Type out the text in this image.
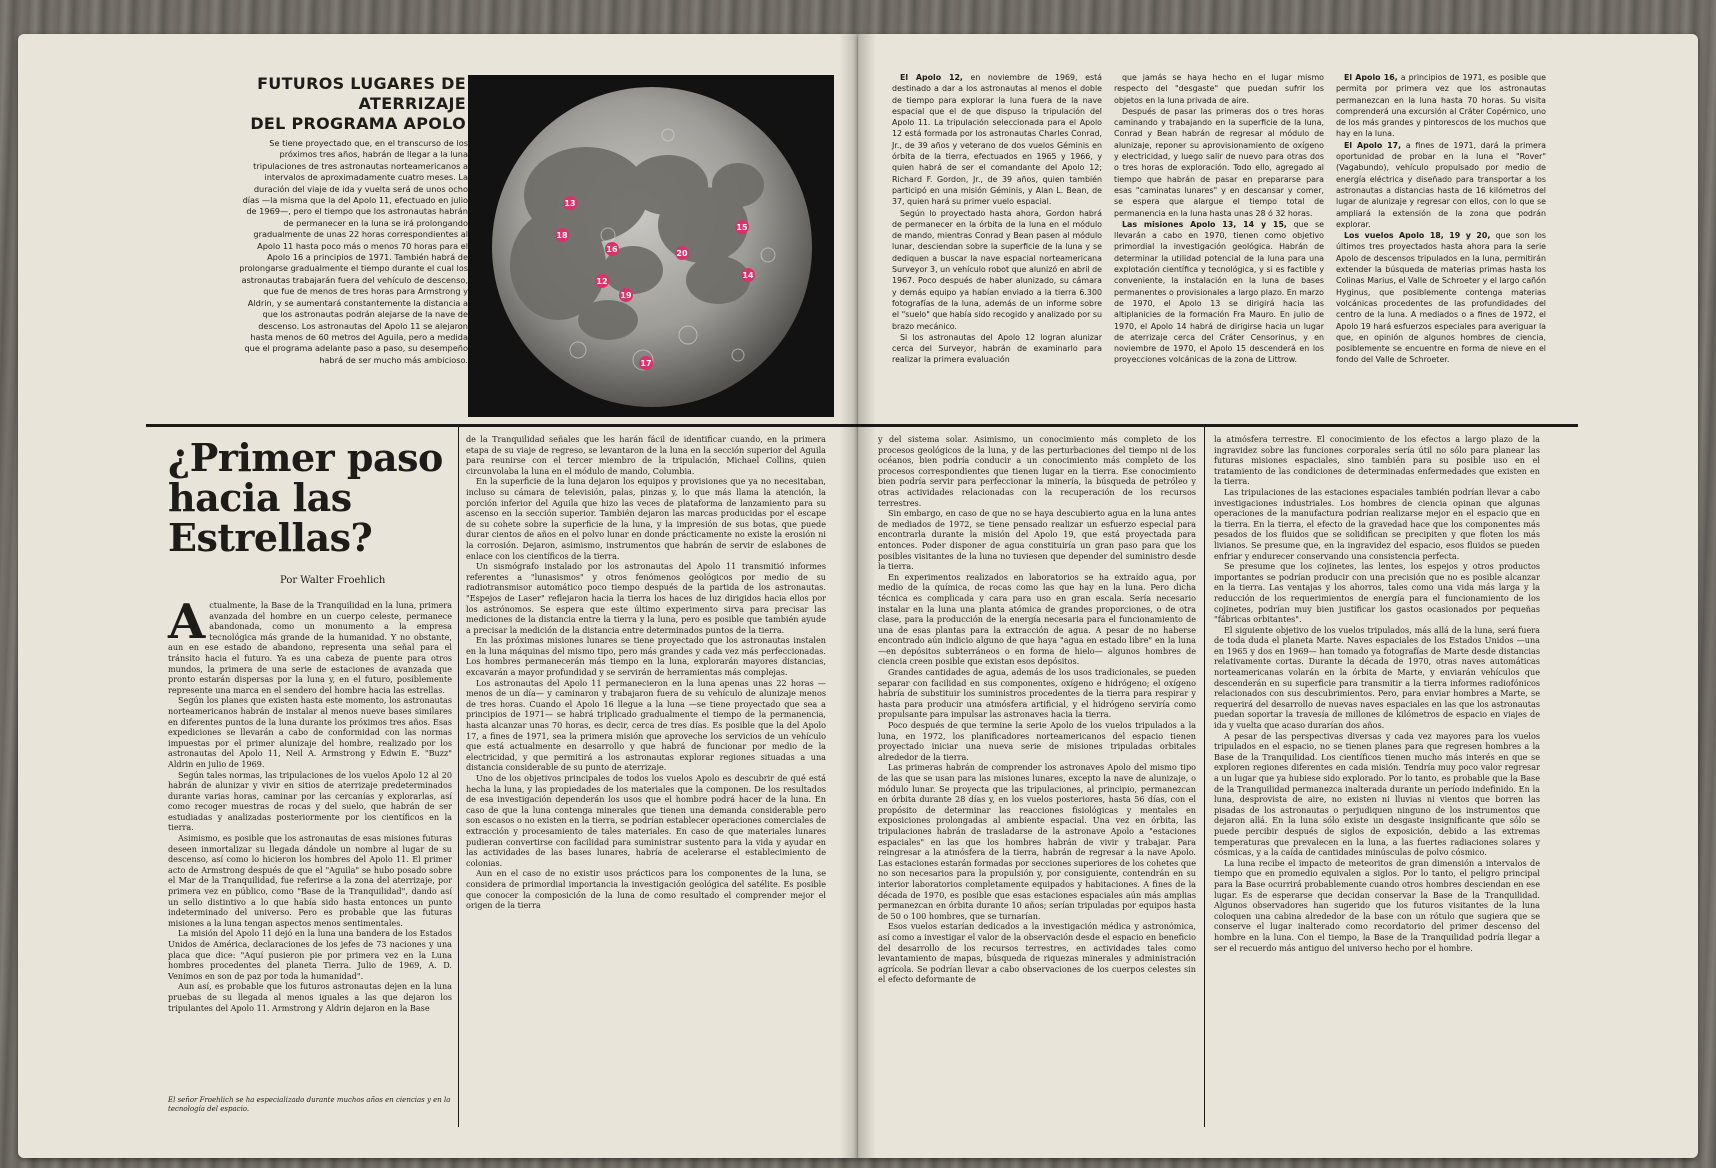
FUTUROS LUGARES DE ATERRIZAJE
DEL PROGRAMA APOLO
Se tiene proyectado que, en el transcurso de los próximos tres años, habrán de llegar a la luna tripulaciones de tres astronautas norteamericanos a intervalos de aproximadamente cuatro meses. La duración del viaje de ida y vuelta será de unos ocho días —la misma que la del Apolo 11, efectuado en julio de 1969—, pero el tiempo que los astronautas habrán de permanecer en la luna se irá prolongando gradualmente de unas 22 horas correspondientes al Apolo 11 hasta poco más o menos 70 horas para el Apolo 16 a principios de 1971. También habrá de prolongarse gradualmente el tiempo durante el cual los astronautas trabajarán fuera del vehículo de descenso, que fue de menos de tres horas para Armstrong y Aldrin, y se aumentará constantemente la distancia a que los astronautas podrán alejarse de la nave de descenso. Los astronautas del Apolo 11 se alejaron hasta menos de 60 metros del Aguila, pero a medida que el programa adelante paso a paso, su desempeño habrá de ser mucho más ambicioso.
13
18
16
12
15
20
14
19
17
¿Primer paso
hacia las
Estrellas?
Por Walter Froehlich

Actualmente, la Base de la Tranquilidad en la luna, primera avanzada del hombre en un cuerpo celeste, permanece abandonada, como un monumento a la empresa tecnológica más grande de la humanidad. Y no obstante, aun en ese estado de abandono, representa una señal para el tránsito hacia el futuro. Ya es una cabeza de puente para otros mundos, la primera de una serie de estaciones de avanzada que pronto estarán dispersas por la luna y, en el futuro, posiblemente represente una marca en el sendero del hombre hacia las estrellas.

Según los planes que existen hasta este momento, los astronautas norteamericanos habrán de instalar al menos nueve bases similares en diferentes puntos de la luna durante los próximos tres años. Esas expediciones se llevarán a cabo de conformidad con las normas impuestas por el primer alunizaje del hombre, realizado por los astronautas del Apolo 11, Neil A. Armstrong y Edwin E. "Buzz" Aldrin en julio de 1969.

Según tales normas, las tripulaciones de los vuelos Apolo 12 al 20 habrán de alunizar y vivir en sitios de aterrizaje predeterminados durante varias horas, caminar por las cercanías y explorarlas, así como recoger muestras de rocas y del suelo, que habrán de ser estudiadas y analizadas posteriormente por los científicos en la tierra.

Asimismo, es posible que los astronautas de esas misiones futuras deseen inmortalizar su llegada dándole un nombre al lugar de su descenso, así como lo hicieron los hombres del Apolo 11. El primer acto de Armstrong después de que el "Aguila" se hubo posado sobre el Mar de la Tranquilidad, fue referirse a la zona del aterrizaje, por primera vez en público, como "Base de la Tranquilidad", dando así un sello distintivo a lo que había sido hasta entonces un punto indeterminado del universo. Pero es probable que las futuras misiones a la luna tengan aspectos menos sentimentales.

La misión del Apolo 11 dejó en la luna una bandera de los Estados Unidos de América, declaraciones de los jefes de 73 naciones y una placa que dice: "Aquí pusieron pie por primera vez en la Luna hombres procedentes del planeta Tierra. Julio de 1969, A. D. Venimos en son de paz por toda la humanidad".

Aun así, es probable que los futuros astronautas dejen en la luna pruebas de su llegada al menos iguales a las que dejaron los tripulantes del Apolo 11. Armstrong y Aldrin dejaron en la Base

El señor Froehlich se ha especializado durante muchos años en ciencias y en la tecnología del espacio.

de la Tranquilidad señales que les harán fácil de identificar cuando, en la primera etapa de su viaje de regreso, se levantaron de la luna en la sección superior del Aguila para reunirse con el tercer miembro de la tripulación, Michael Collins, quien circunvolaba la luna en el módulo de mando, Columbia.

En la superficie de la luna dejaron los equipos y provisiones que ya no necesitaban, incluso su cámara de televisión, palas, pinzas y, lo que más llama la atención, la porción inferior del Aguila que hizo las veces de plataforma de lanzamiento para su ascenso en la sección superior. También dejaron las marcas producidas por el escape de su cohete sobre la superficie de la luna, y la impresión de sus botas, que puede durar cientos de años en el polvo lunar en donde prácticamente no existe la erosión ni la corrosión. Dejaron, asimismo, instrumentos que habrán de servir de eslabones de enlace con los científicos de la tierra.

Un sismógrafo instalado por los astronautas del Apolo 11 transmitió informes referentes a "lunasismos" y otros fenómenos geológicos por medio de su radiotransmisor automático poco tiempo después de la partida de los astronautas. "Espejos de Laser" reflejaron hacia la tierra los haces de luz dirigidos hacia ellos por los astrónomos. Se espera que este último experimento sirva para precisar las mediciones de la distancia entre la tierra y la luna, pero es posible que también ayude a precisar la medición de la distancia entre determinados puntos de la tierra.

En las próximas misiones lunares se tiene proyectado que los astronautas instalen en la luna máquinas del mismo tipo, pero más grandes y cada vez más perfeccionadas. Los hombres permanecerán más tiempo en la luna, explorarán mayores distancias, excavarán a mayor profundidad y se servirán de herramientas más complejas.

Los astronautas del Apolo 11 permanecieron en la luna apenas unas 22 horas —menos de un día— y caminaron y trabajaron fuera de su vehículo de alunizaje menos de tres horas. Cuando el Apolo 16 llegue a la luna —se tiene proyectado que sea a principios de 1971— se habrá triplicado gradualmente el tiempo de la permanencia, hasta alcanzar unas 70 horas, es decir, cerca de tres días. Es posible que la del Apolo 17, a fines de 1971, sea la primera misión que aproveche los servicios de un vehículo que está actualmente en desarrollo y que habrá de funcionar por medio de la electricidad, y que permitirá a los astronautas explorar regiones situadas a una distancia considerable de su punto de aterrizaje.

Uno de los objetivos principales de todos los vuelos Apolo es descubrir de qué está hecha la luna, y las propiedades de los materiales que la componen. De los resultados de esa investigación dependerán los usos que el hombre podrá hacer de la luna. En caso de que la luna contenga minerales que tienen una demanda considerable pero son escasos o no existen en la tierra, se podrían establecer operaciones comerciales de extracción y procesamiento de tales materiales. En caso de que materiales lunares pudieran convertirse con facilidad para suministrar sustento para la vida y ayudar en las actividades de las bases lunares, habría de acelerarse el establecimiento de colonias.

Aun en el caso de no existir usos prácticos para los componentes de la luna, se considera de primordial importancia la investigación geológica del satélite. Es posible que conocer la composición de la luna de como resultado el comprender mejor el origen de la tierra

El Apolo 12, en noviembre de 1969, está destinado a dar a los astronautas al menos el doble de tiempo para explorar la luna fuera de la nave espacial que el de que dispuso la tripulación del Apolo 11. La tripulación seleccionada para el Apolo 12 está formada por los astronautas Charles Conrad, Jr., de 39 años y veterano de dos vuelos Géminis en órbita de la tierra, efectuados en 1965 y 1966, y quien habrá de ser el comandante del Apolo 12; Richard F. Gordon, Jr., de 39 años, quien también participó en una misión Géminis, y Alan L. Bean, de 37, quien hará su primer vuelo espacial.

Según lo proyectado hasta ahora, Gordon habrá de permanecer en la órbita de la luna en el módulo de mando, mientras Conrad y Bean pasen al módulo lunar, desciendan sobre la superficie de la luna y se dediquen a buscar la nave espacial norteamericana Surveyor 3, un vehículo robot que alunizó en abril de 1967. Poco después de haber alunizado, su cámara y demás equipo ya habían enviado a la tierra 6.300 fotografías de la luna, además de un informe sobre el "suelo" que había sido recogido y analizado por su brazo mecánico.

Si los astronautas del Apolo 12 logran alunizar cerca del Surveyor, habrán de examinarlo para realizar la primera evaluación

que jamás se haya hecho en el lugar mismo respecto del "desgaste" que puedan sufrir los objetos en la luna privada de aire.

Después de pasar las primeras dos o tres horas caminando y trabajando en la superficie de la luna, Conrad y Bean habrán de regresar al módulo de alunizaje, reponer su aprovisionamiento de oxígeno y electricidad, y luego salir de nuevo para otras dos o tres horas de exploración. Todo ello, agregado al tiempo que habrán de pasar en prepararse para esas "caminatas lunares" y en descansar y comer, se espera que alargue el tiempo total de permanencia en la luna hasta unas 28 ó 32 horas.

Las misiones Apolo 13, 14 y 15, que se llevarán a cabo en 1970, tienen como objetivo primordial la investigación geológica. Habrán de determinar la utilidad potencial de la luna para una explotación científica y tecnológica, y si es factible y conveniente, la instalación en la luna de bases permanentes o provisionales a largo plazo. En marzo de 1970, el Apolo 13 se dirigirá hacia las altiplanicies de la formación Fra Mauro. En julio de 1970, el Apolo 14 habrá de dirigirse hacia un lugar de aterrizaje cerca del Cráter Censorinus, y en noviembre de 1970, el Apolo 15 descenderá en los proyecciones volcánicas de la zona de Littrow.

El Apolo 16, a principios de 1971, es posible que permita por primera vez que los astronautas permanezcan en la luna hasta 70 horas. Su visita comprenderá una excursión al Cráter Copérnico, uno de los más grandes y pintorescos de los muchos que hay en la luna.

El Apolo 17, a fines de 1971, dará la primera oportunidad de probar en la luna el "Rover" (Vagabundo), vehículo propulsado por medio de energía eléctrica y diseñado para transportar a los astronautas a distancias hasta de 16 kilómetros del lugar de alunizaje y regresar con ellos, con lo que se ampliará la extensión de la zona que podrán explorar.

Los vuelos Apolo 18, 19 y 20, que son los últimos tres proyectados hasta ahora para la serie Apolo de descensos tripulados en la luna, permitirán extender la búsqueda de materias primas hasta los Colinas Marius, el Valle de Schroeter y el largo cañón Hyginus, que posiblemente contenga materias volcánicas procedentes de las profundidades del centro de la luna. A mediados o a fines de 1972, el Apolo 19 hará esfuerzos especiales para averiguar la que, en opinión de algunos hombres de ciencia, posiblemente se encuentre en forma de nieve en el fondo del Valle de Schroeter.

y del sistema solar. Asimismo, un conocimiento más completo de los procesos geológicos de la luna, y de las perturbaciones del tiempo ni de los océanos, bien podría conducir a un conocimiento más completo de los procesos correspondientes que tienen lugar en la tierra. Ese conocimiento bien podría servir para perfeccionar la minería, la búsqueda de petróleo y otras actividades relacionadas con la recuperación de los recursos terrestres.

Sin embargo, en caso de que no se haya descubierto agua en la luna antes de mediados de 1972, se tiene pensado realizar un esfuerzo especial para encontrarla durante la misión del Apolo 19, que está proyectada para entonces. Poder disponer de agua constituiría un gran paso para que los posibles visitantes de la luna no tuviesen que depender del suministro desde la tierra.

En experimentos realizados en laboratorios se ha extraído agua, por medio de la química, de rocas como las que hay en la luna. Pero dicha técnica es complicada y cara para uso en gran escala. Sería necesario instalar en la luna una planta atómica de grandes proporciones, o de otra clase, para la producción de la energía necesaria para el funcionamiento de una de esas plantas para la extracción de agua. A pesar de no haberse encontrado aún indicio alguno de que haya "agua en estado libre" en la luna —en depósitos subterráneos o en forma de hielo— algunos hombres de ciencia creen posible que existan esos depósitos.

Grandes cantidades de agua, además de los usos tradicionales, se pueden separar con facilidad en sus componentes, oxígeno e hidrógeno; el oxígeno habría de substituir los suministros procedentes de la tierra para respirar y hasta para producir una atmósfera artificial, y el hidrógeno serviría como propulsante para impulsar las astronaves hacia la tierra.

Poco después de que termine la serie Apolo de los vuelos tripulados a la luna, en 1972, los planificadores norteamericanos del espacio tienen proyectado iniciar una nueva serie de misiones tripuladas orbitales alrededor de la tierra.

Las primeras habrán de comprender los astronaves Apolo del mismo tipo de las que se usan para las misiones lunares, excepto la nave de alunizaje, o módulo lunar. Se proyecta que las tripulaciones, al principio, permanezcan en órbita durante 28 días y, en los vuelos posteriores, hasta 56 días, con el propósito de determinar las reacciones fisiológicas y mentales en exposiciones prolongadas al ambiente espacial. Una vez en órbita, las tripulaciones habrán de trasladarse de la astronave Apolo a "estaciones espaciales" en las que los hombres habrán de vivir y trabajar. Para reingresar a la atmósfera de la tierra, habrán de regresar a la nave Apolo. Las estaciones estarán formadas por secciones superiores de los cohetes que no son necesarios para la propulsión y, por consiguiente, contendrán en su interior laboratorios completamente equipados y habitaciones. A fines de la década de 1970, es posible que esas estaciones espaciales aún más amplias permanezcan en órbita durante 10 años; serían tripuladas por equipos hasta de 50 o 100 hombres, que se turnarían.

Esos vuelos estarían dedicados a la investigación médica y astronómica, así como a investigar el valor de la observación desde el espacio en beneficio del desarrollo de los recursos terrestres, en actividades tales como levantamiento de mapas, búsqueda de riquezas minerales y administración agrícola. Se podrían llevar a cabo observaciones de los cuerpos celestes sin el efecto deformante de

la atmósfera terrestre. El conocimiento de los efectos a largo plazo de la ingravidez sobre las funciones corporales sería útil no sólo para planear las futuras misiones espaciales, sino también para su posible uso en el tratamiento de las condiciones de determinadas enfermedades que existen en la tierra.

Las tripulaciones de las estaciones espaciales también podrían llevar a cabo investigaciones industriales. Los hombres de ciencia opinan que algunas operaciones de la manufactura podrían realizarse mejor en el espacio que en la tierra. En la tierra, el efecto de la gravedad hace que los componentes más pesados de los fluidos que se solidifican se precipiten y que floten los más livianos. Se presume que, en la ingravidez del espacio, esos fluidos se pueden enfriar y endurecer conservando una consistencia perfecta.

Se presume que los cojinetes, las lentes, los espejos y otros productos importantes se podrían producir con una precisión que no es posible alcanzar en la tierra. Las ventajas y los ahorros, tales como una vida más larga y la reducción de los requerimientos de energía para el funcionamiento de los cojinetes, podrían muy bien justificar los gastos ocasionados por pequeñas "fábricas orbitantes".

El siguiente objetivo de los vuelos tripulados, más allá de la luna, será fuera de toda duda el planeta Marte. Naves espaciales de los Estados Unidos —una en 1965 y dos en 1969— han tomado ya fotografías de Marte desde distancias relativamente cortas. Durante la década de 1970, otras naves automáticas norteamericanas volarán en la órbita de Marte, y enviarán vehículos que descenderán en su superficie para transmitir a la tierra informes radiofónicos relacionados con sus descubrimientos. Pero, para enviar hombres a Marte, se requerirá del desarrollo de nuevas naves espaciales en las que los astronautas puedan soportar la travesía de millones de kilómetros de espacio en viajes de ida y vuelta que acaso durarían dos años.

A pesar de las perspectivas diversas y cada vez mayores para los vuelos tripulados en el espacio, no se tienen planes para que regresen hombres a la Base de la Tranquilidad. Los científicos tienen mucho más interés en que se exploren regiones diferentes en cada misión. Tendría muy poco valor regresar a un lugar que ya hubiese sido explorado. Por lo tanto, es probable que la Base de la Tranquilidad permanezca inalterada durante un período indefinido. En la luna, desprovista de aire, no existen ni lluvias ni vientos que borren las pisadas de los astronautas o perjudiquen ninguno de los instrumentos que dejaron allá. En la luna sólo existe un desgaste insignificante que sólo se puede percibir después de siglos de exposición, debido a las extremas temperaturas que prevalecen en la luna, a las fuertes radiaciones solares y cósmicas, y a la caída de cantidades minúsculas de polvo cósmico.

La luna recibe el impacto de meteoritos de gran dimensión a intervalos de tiempo que en promedio equivalen a siglos. Por lo tanto, el peligro principal para la Base ocurrirá probablemente cuando otros hombres desciendan en ese lugar. Es de esperarse que decidan conservar la Base de la Tranquilidad. Algunos observadores han sugerido que los futuros visitantes de la luna coloquen una cabina alrededor de la base con un rótulo que sugiera que se conserve el lugar inalterado como recordatorio del primer descenso del hombre en la luna. Con el tiempo, la Base de la Tranquilidad podría llegar a ser el recuerdo más antiguo del universo hecho por el hombre.
